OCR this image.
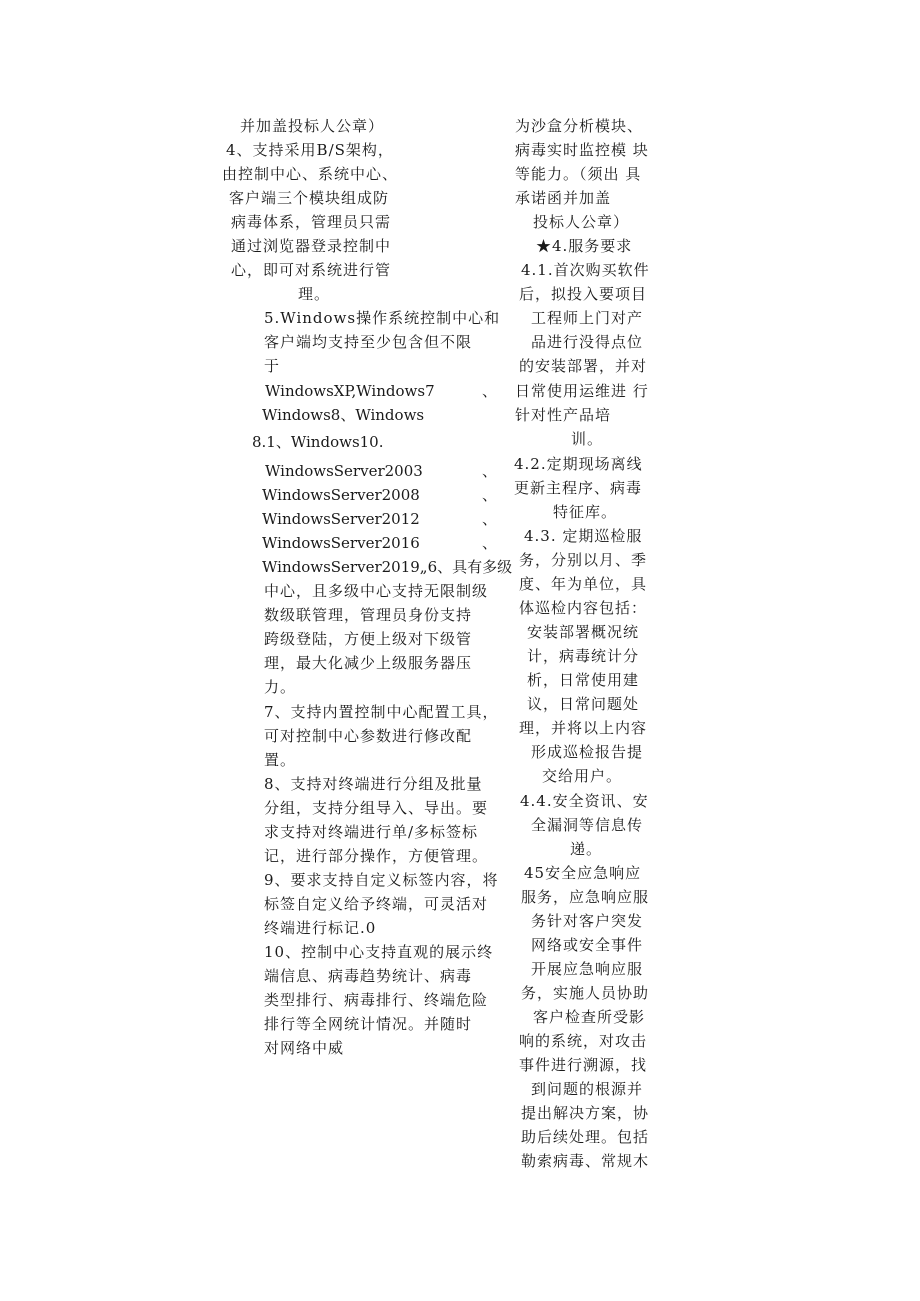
并加盖投标人公章）
4、支持采用B/S架构，
由控制中心、系统中心、
客户端三个模块组成防
病毒体系，管理员只需
通过浏览器登录控制中
心，即可对系统进行管
理。
5.Windows操作系统控制中心和
客户端均支持至少包含但不限
于
WindowsXP,Windows7	、
Windows8、Windows
8.1、Windows10.
WindowsServer2003	、
WindowsServer2008	、
WindowsServer2012	、
WindowsServer2016	、
WindowsServer2019„6、具有多级
中心，且多级中心支持无限制级
数级联管理，管理员身份支持
跨级登陆，方便上级对下级管
理，最大化减少上级服务器压
力。
7、支持内置控制中心配置工具，
可对控制中心参数进行修改配
置。
8、支持对终端进行分组及批量
分组，支持分组导入、导出。要
求支持对终端进行单/多标签标
记，进行部分操作，方便管理。
9、要求支持自定义标签内容，将
标签自定义给予终端，可灵活对
终端进行标记.0
10、控制中心支持直观的展示终
端信息、病毒趋势统计、病毒
类型排行、病毒排行、终端危险
排行等全网统计情况。并随时
对网络中威
为沙盒分析模块、
病毒实时监控模 块
等能力。（须出 具
承诺函并加盖
投标人公章）
★4.服务要求
4.1.首次购买软件
后，拟投入要项目
工程师上门对产
品进行没得点位
的安装部署，并对
日常使用运维进 行
针对性产品培
训。
4.2.定期现场离线
更新主程序、病毒
特征库。
4.3. 定期巡检服
务，分别以月、季
度、年为单位，具
体巡检内容包括：
安装部署概况统
计，病毒统计分
析，日常使用建
议，日常问题处
理，并将以上内容
形成巡检报告提
交给用户。
4.4.安全资讯、安
全漏洞等信息传
递。
45安全应急响应
服务，应急响应服
务针对客户突发
网络或安全事件
开展应急响应服
务，实施人员协助
客户检查所受影
响的系统，对攻击
事件进行溯源，找
到问题的根源并
提出解决方案，协
助后续处理。包括
勒索病毒、常规木
